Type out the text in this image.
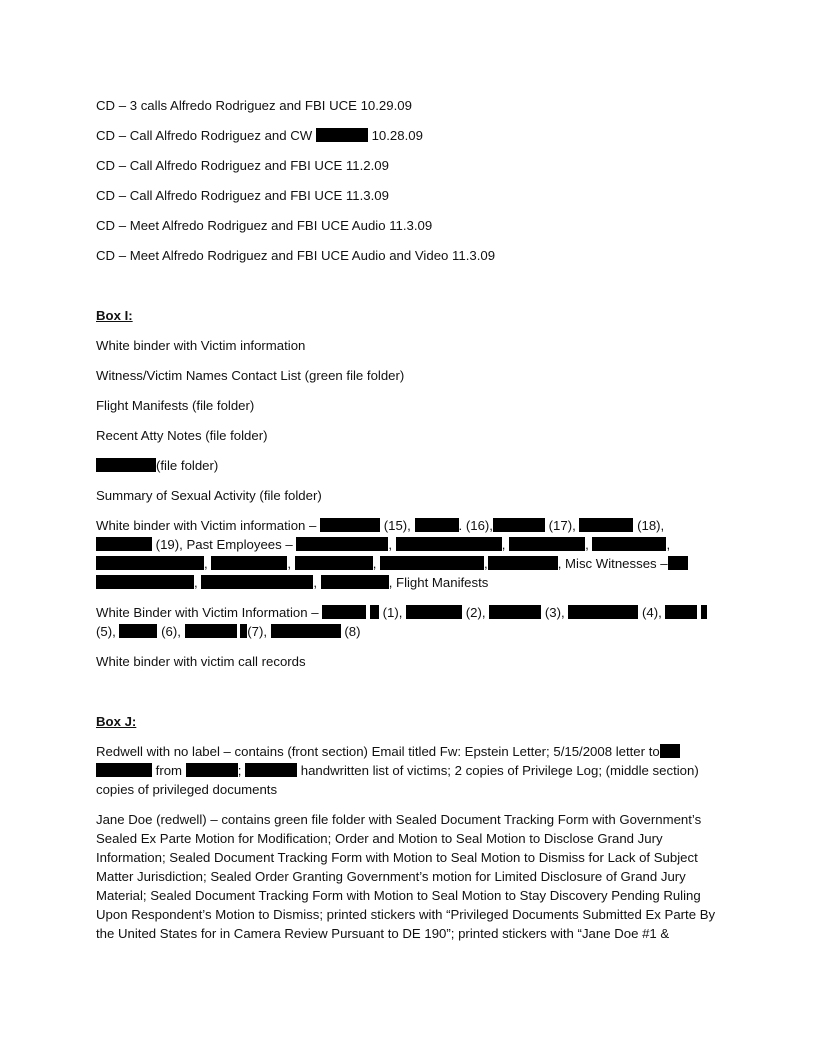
CD – 3 calls Alfredo Rodriguez and FBI UCE 10.29.09

CD – Call Alfredo Rodriguez and CW	10.28.09

CD – Call Alfredo Rodriguez and FBI UCE 11.2.09

CD – Call Alfredo Rodriguez and FBI UCE 11.3.09

CD – Meet Alfredo Rodriguez and FBI UCE Audio 11.3.09

CD – Meet Alfredo Rodriguez and FBI UCE Audio and Video 11.3.09

Box I:

White binder with Victim information

Witness/Victim Names Contact List (green file folder)

Flight Manifests (file folder)

Recent Atty Notes (file folder)

(file folder)

Summary of Sexual Activity (file folder)

White binder with Victim information –	(15),	. (16),	(17),	(18),  (19), Past Employees –	,	,	,	, ,	,	,	,	, Misc Witnesses – ,	,	, Flight Manifests

White Binder with Victim Information –	(1),	(2),	(3),	(4),   (5),	(6),	(7),	(8)

White binder with victim call records

Box J:

Redwell with no label – contains (front section) Email titled Fw: Epstein Letter; 5/15/2008 letter to  from	;	handwritten list of victims; 2 copies of Privilege Log; (middle section) copies of privileged documents

Jane Doe (redwell) – contains green file folder with Sealed Document Tracking Form with Government’s Sealed Ex Parte Motion for Modification; Order and Motion to Seal Motion to Disclose Grand Jury Information; Sealed Document Tracking Form with Motion to Seal Motion to Dismiss for Lack of Subject Matter Jurisdiction; Sealed Order Granting Government’s motion for Limited Disclosure of Grand Jury Material; Sealed Document Tracking Form with Motion to Seal Motion to Stay Discovery Pending Ruling Upon Respondent’s Motion to Dismiss; printed stickers with “Privileged Documents Submitted Ex Parte By the United States for in Camera Review Pursuant to DE 190”; printed stickers with “Jane Doe #1 &
